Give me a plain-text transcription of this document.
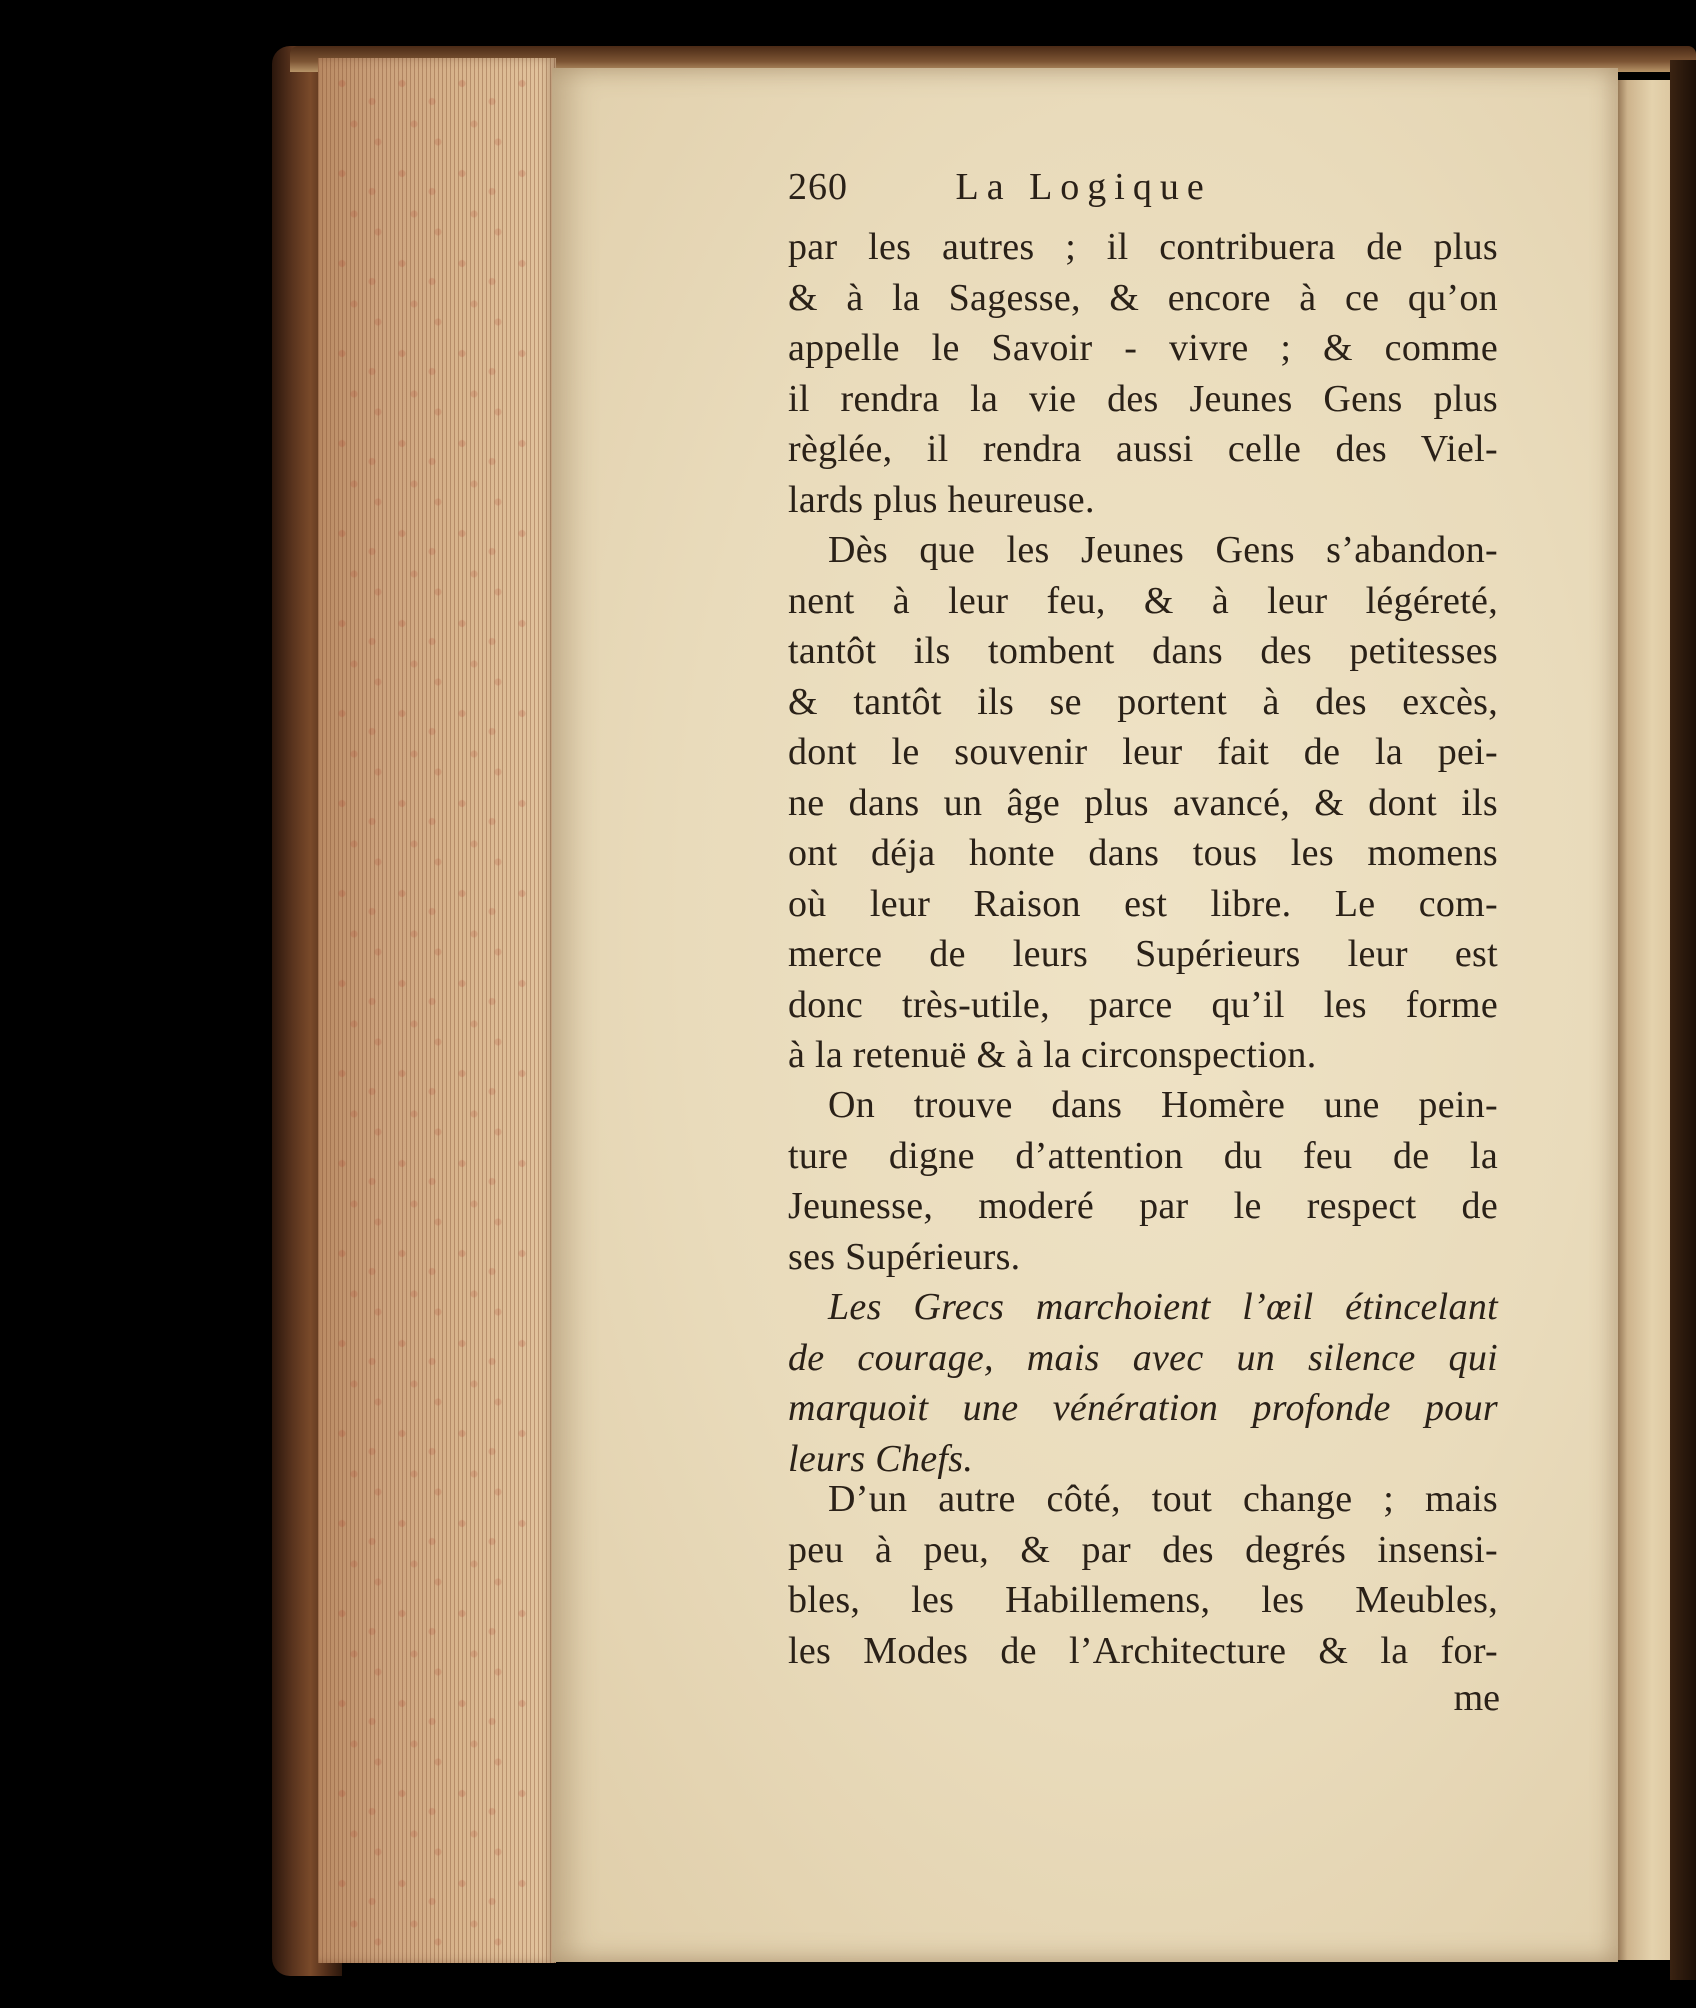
260	La Logique
par les autres ; il contribuera de plus
& à la Sagesse, & encore à ce qu’on
appelle le Savoir - vivre ; & comme
il rendra la vie des Jeunes Gens plus
règlée, il rendra aussi celle des Viel-
lards plus heureuse.
Dès que les Jeunes Gens s’abandon-
nent à leur feu, & à leur légéreté,
tantôt ils tombent dans des petitesses
& tantôt ils se portent à des excès,
dont le souvenir leur fait de la pei-
ne dans un âge plus avancé, & dont ils
ont déja honte dans tous les momens
où leur Raison est libre. Le com-
merce de leurs Supérieurs leur est
donc très-utile, parce qu’il les forme
à la retenuë & à la circonspection.
On trouve dans Homère une pein-
ture digne d’attention du feu de la
Jeunesse, moderé par le respect de
ses Supérieurs.
Les Grecs marchoient l’œil étincelant
de courage, mais avec un silence qui
marquoit une vénération profonde pour
leurs Chefs.
D’un autre côté, tout change ; mais
peu à peu, & par des degrés insensi-
bles, les Habillemens, les Meubles,
les Modes de l’Architecture & la for-
me
